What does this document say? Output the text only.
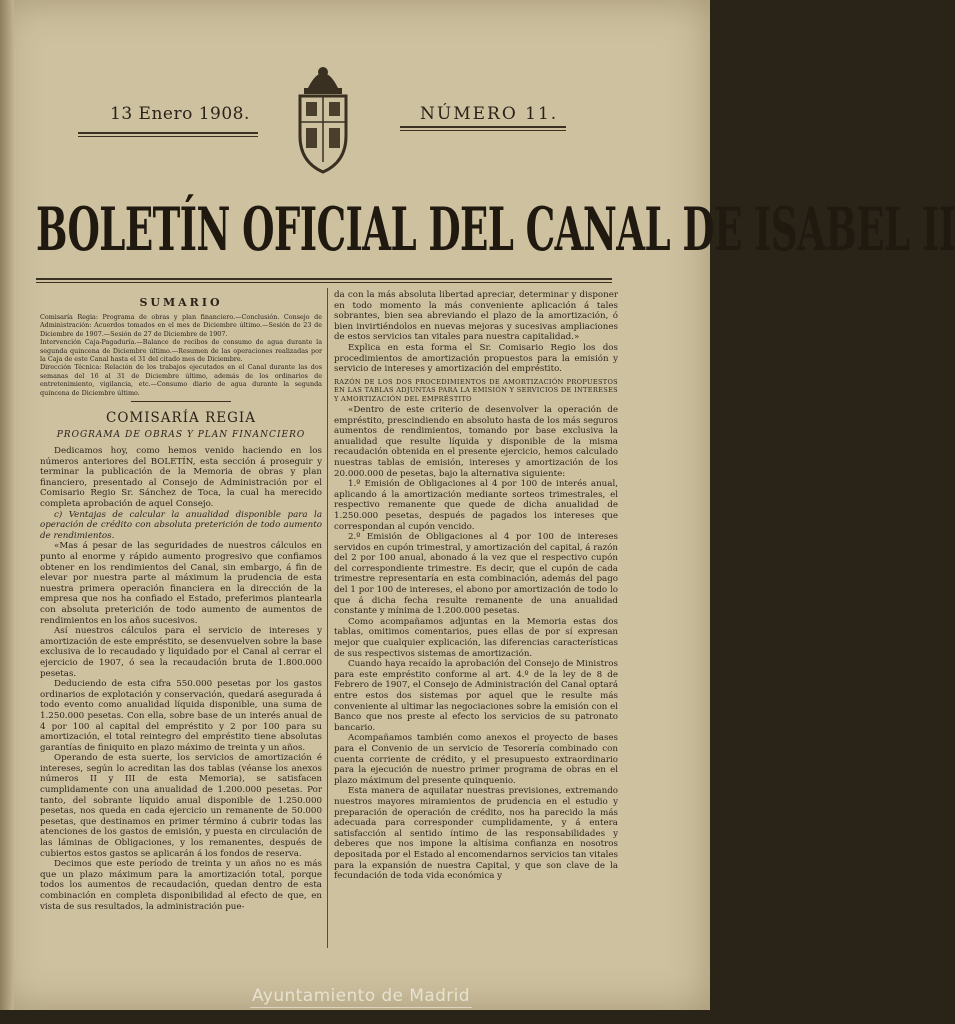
13 Enero 1908.	NÚMERO 11.
BOLETÍN OFICIAL DEL CANAL DE ISABEL II
SUMARIO

Comisaría Regia: Programa de obras y plan financiero.—Conclusión. Consejo de Administración: Acuerdos tomados en el mes de Diciembre último.—Sesión de 23 de Diciembre de 1907.—Sesión de 27 de Diciembre de 1907.

Intervención Caja-Pagaduría.—Balance de recibos de consumo de agua durante la segunda quincena de Diciembre último.—Resumen de las operaciones realizadas por la Caja de este Canal hasta el 31 del citado mes de Diciembre.

Dirección Técnica: Relación de los trabajos ejecutados en el Canal durante las dos semanas del 16 al 31 de Diciembre último, además de los ordinarios de entretenimiento, vigilancia, etc.—Consumo diario de agua durante la segunda quincena de Diciembre último.

COMISARÍA REGIA
PROGRAMA DE OBRAS Y PLAN FINANCIERO

Dedicamos hoy, como hemos venido haciendo en los números anteriores del BOLETÍN, esta sección á proseguir y terminar la publicación de la Memoria de obras y plan financiero, presentado al Consejo de Administración por el Comisario Regio Sr. Sánchez de Toca, la cual ha merecido completa aprobación de aquel Consejo.

c) Ventajas de calcular la anualidad disponible para la operación de crédito con absoluta preterición de todo aumento de rendimientos.

«Mas á pesar de las seguridades de nuestros cálculos en punto al enorme y rápido aumento progresivo que confiamos obtener en los rendimientos del Canal, sin embargo, á fin de elevar por nuestra parte al máximum la prudencia de esta nuestra primera operación financiera en la dirección de la empresa que nos ha confiado el Estado, preferimos plantearla con absoluta preterición de todo aumento de aumentos de rendimientos en los años sucesivos.

Así nuestros cálculos para el servicio de intereses y amortización de este empréstito, se desenvuelven sobre la base exclusiva de lo recaudado y liquidado por el Canal al cerrar el ejercicio de 1907, ó sea la recaudación bruta de 1.800.000 pesetas.

Deduciendo de esta cifra 550.000 pesetas por los gastos ordinarios de explotación y conservación, quedará asegurada á todo evento como anualidad líquida disponible, una suma de 1.250.000 pesetas. Con ella, sobre base de un interés anual de 4 por 100 al capital del empréstito y 2 por 100 para su amortización, el total reintegro del empréstito tiene absolutas garantías de finiquito en plazo máximo de treinta y un años.

Operando de esta suerte, los servicios de amortización é intereses, según lo acreditan las dos tablas (véanse los anexos números II y III de esta Memoria), se satisfacen cumplidamente con una anualidad de 1.200.000 pesetas. Por tanto, del sobrante líquido anual disponible de 1.250.000 pesetas, nos queda en cada ejercicio un remanente de 50.000 pesetas, que destinamos en primer término á cubrir todas las atenciones de los gastos de emisión, y puesta en circulación de las láminas de Obligaciones, y los remanentes, después de cubiertos estos gastos se aplicarán á los fondos de reserva.

Decimos que este período de treinta y un años no es más que un plazo máximum para la amortización total, porque todos los aumentos de recaudación, quedan dentro de esta combinación en completa disponibilidad al efecto de que, en vista de sus resultados, la administración pue-

da con la más absoluta libertad apreciar, determinar y disponer en todo momento la más conveniente aplicación á tales sobrantes, bien sea abreviando el plazo de la amortización, ó bien invirtiéndolos en nuevas mejoras y sucesivas ampliaciones de estos servicios tan vitales para nuestra capitalidad.»

Explica en esta forma el Sr. Comisario Regio los dos procedimientos de amortización propuestos para la emisión y servicio de intereses y amortización del empréstito.

RAZÓN DE LOS DOS PROCEDIMIENTOS DE AMORTIZACIÓN PROPUESTOS EN LAS TABLAS ADJUNTAS PARA LA EMISIÓN Y SERVICIOS DE INTERESES Y AMORTIZACIÓN DEL EMPRÉSTITO

«Dentro de este criterio de desenvolver la operación de empréstito, prescindiendo en absoluto hasta de los más seguros aumentos de rendimientos, tomando por base exclusiva la anualidad que resulte líquida y disponible de la misma recaudación obtenida en el presente ejercicio, hemos calculado nuestras tablas de emisión, intereses y amortización de los 20.000.000 de pesetas, bajo la alternativa siguiente:

1.º Emisión de Obligaciones al 4 por 100 de interés anual, aplicando á la amortización mediante sorteos trimestrales, el respectivo remanente que quede de dicha anualidad de 1.250.000 pesetas, después de pagados los intereses que correspondan al cupón vencido.

2.º Emisión de Obligaciones al 4 por 100 de intereses servidos en cupón trimestral, y amortización del capital, á razón del 2 por 100 anual, abonado á la vez que el respectivo cupón del correspondiente trimestre. Es decir, que el cupón de cada trimestre representaría en esta combinación, además del pago del 1 por 100 de intereses, el abono por amortización de todo lo que á dicha fecha resulte remanente de una anualidad constante y mínima de 1.200.000 pesetas.

Como acompañamos adjuntas en la Memoria estas dos tablas, omitimos comentarios, pues ellas de por sí expresan mejor que cualquier explicación, las diferencias características de sus respectivos sistemas de amortización.

Cuando haya recaído la aprobación del Consejo de Ministros para este empréstito conforme al art. 4.º de la ley de 8 de Febrero de 1907, el Consejo de Administración del Canal optará entre estos dos sistemas por aquel que le resulte más conveniente al ultimar las negociaciones sobre la emisión con el Banco que nos preste al efecto los servicios de su patronato bancario.

Acompañamos también como anexos el proyecto de bases para el Convenio de un servicio de Tesorería combinado con cuenta corriente de crédito, y el presupuesto extraordinario para la ejecución de nuestro primer programa de obras en el plazo máximum del presente quinquenio.

Esta manera de aquilatar nuestras previsiones, extremando nuestros mayores miramientos de prudencia en el estudio y preparación de operación de crédito, nos ha parecido la más adecuada para corresponder cumplidamente, y á entera satisfacción al sentido íntimo de las responsabilidades y deberes que nos impone la altísima confianza en nosotros depositada por el Estado al encomendarnos servicios tan vitales para la expansión de nuestra Capital, y que son clave de la fecundación de toda vida económica y

Ayuntamiento de Madrid
